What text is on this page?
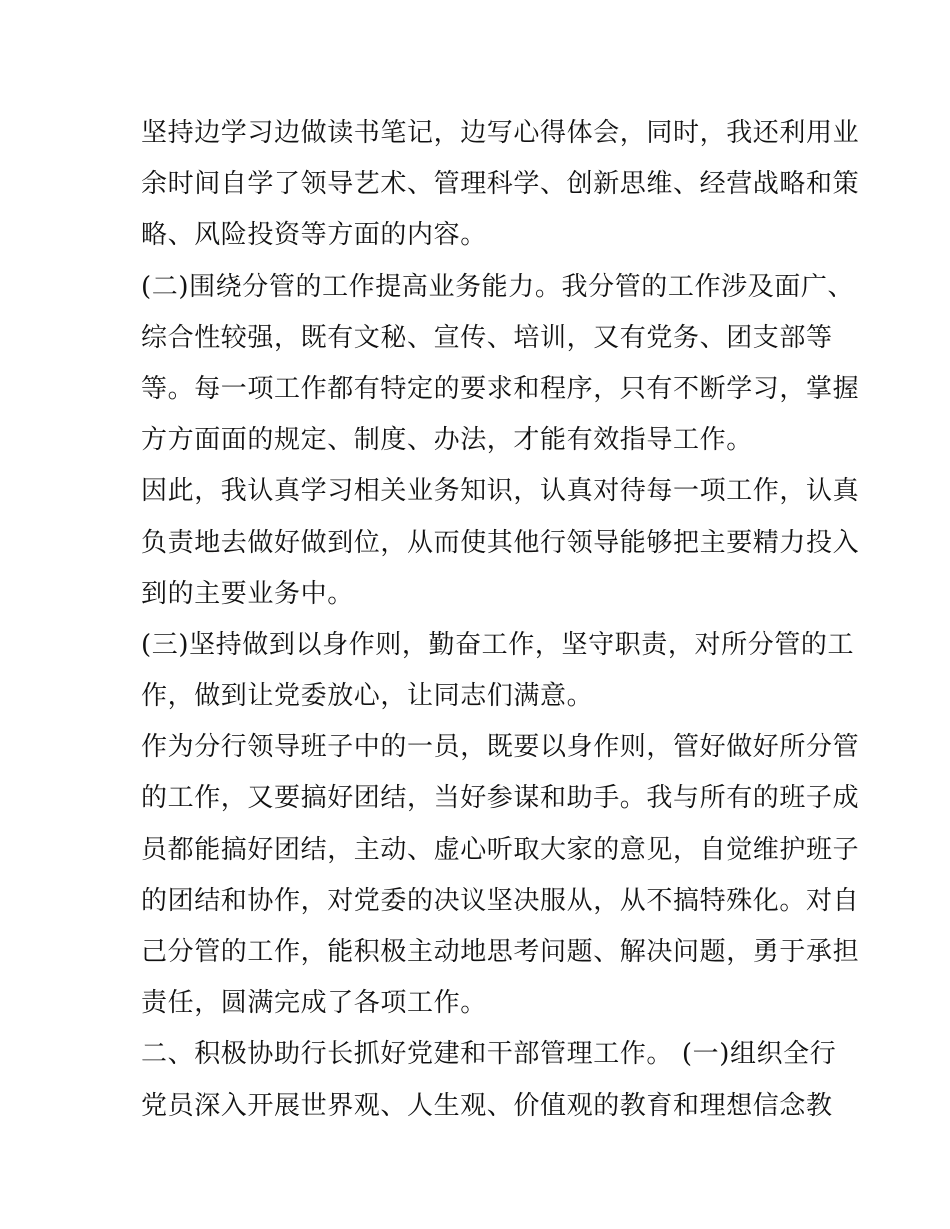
坚持边学习边做读书笔记，边写心得体会，同时，我还利用业
余时间自学了领导艺术、管理科学、创新思维、经营战略和策
略、风险投资等方面的内容。
(二)围绕分管的工作提高业务能力。我分管的工作涉及面广、
综合性较强，既有文秘、宣传、培训，又有党务、团支部等
等。每一项工作都有特定的要求和程序，只有不断学习，掌握
方方面面的规定、制度、办法，才能有效指导工作。
因此，我认真学习相关业务知识，认真对待每一项工作，认真
负责地去做好做到位，从而使其他行领导能够把主要精力投入
到的主要业务中。
(三)坚持做到以身作则，勤奋工作，坚守职责，对所分管的工
作，做到让党委放心，让同志们满意。
作为分行领导班子中的一员，既要以身作则，管好做好所分管
的工作，又要搞好团结，当好参谋和助手。我与所有的班子成
员都能搞好团结，主动、虚心听取大家的意见，自觉维护班子
的团结和协作，对党委的决议坚决服从，从不搞特殊化。对自
己分管的工作，能积极主动地思考问题、解决问题，勇于承担
责任，圆满完成了各项工作。
二、积极协助行长抓好党建和干部管理工作。 (一)组织全行
党员深入开展世界观、人生观、价值观的教育和理想信念教
